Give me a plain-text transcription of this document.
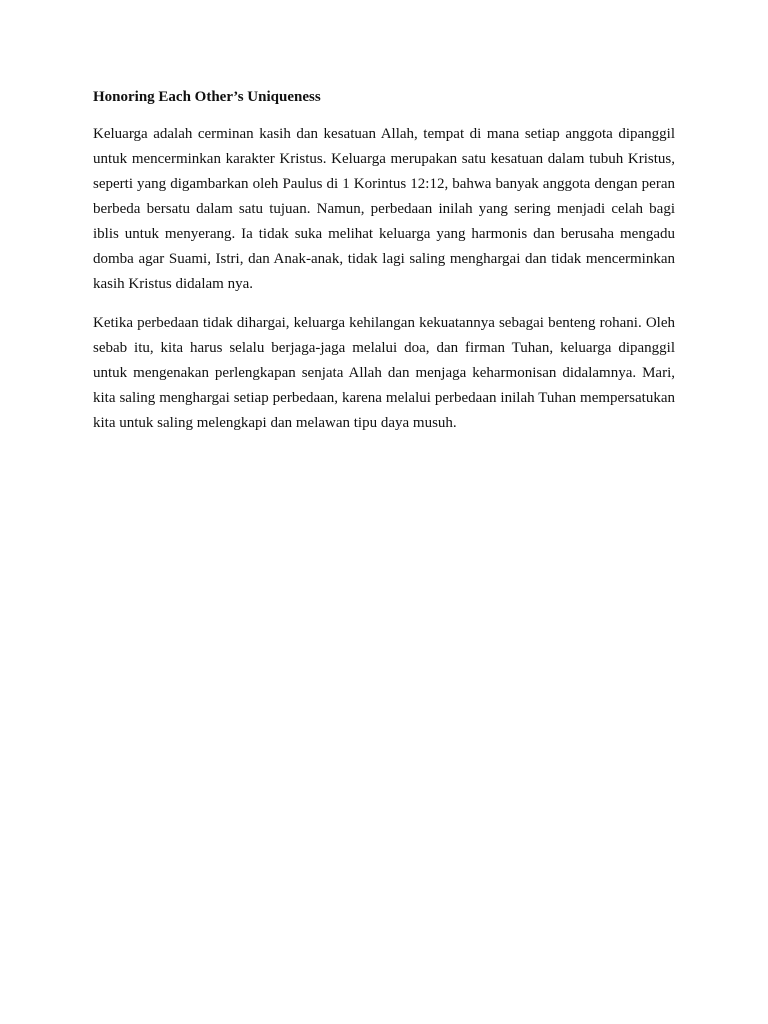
Honoring Each Other’s Uniqueness

Keluarga adalah cerminan kasih dan kesatuan Allah, tempat di mana setiap anggota dipanggil untuk mencerminkan karakter Kristus. Keluarga merupakan satu kesatuan dalam tubuh Kristus, seperti yang digambarkan oleh Paulus di 1 Korintus 12:12, bahwa banyak anggota dengan peran berbeda bersatu dalam satu tujuan. Namun, perbedaan inilah yang sering menjadi celah bagi iblis untuk menyerang. Ia tidak suka melihat keluarga yang harmonis dan berusaha mengadu domba agar Suami, Istri, dan Anak-anak, tidak lagi saling menghargai dan tidak mencerminkan kasih Kristus didalam nya.

Ketika perbedaan tidak dihargai, keluarga kehilangan kekuatannya sebagai benteng rohani. Oleh sebab itu, kita harus selalu berjaga-jaga melalui doa, dan firman Tuhan, keluarga dipanggil untuk mengenakan perlengkapan senjata Allah dan menjaga keharmonisan didalamnya. Mari, kita saling menghargai setiap perbedaan, karena melalui perbedaan inilah Tuhan mempersatukan kita untuk saling melengkapi dan melawan tipu daya musuh.
